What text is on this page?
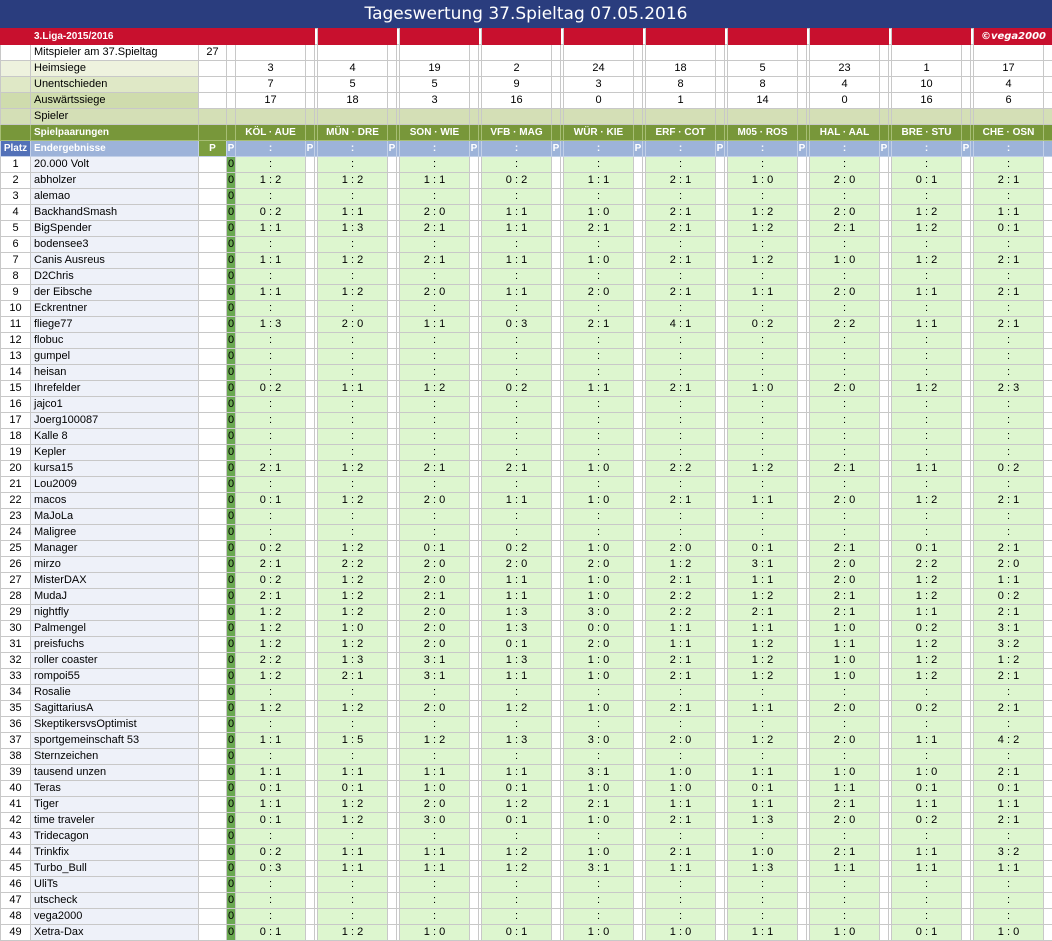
Tageswertung 37.Spieltag 07.05.2016
	3.Liga-2015/2016																														©vega2000	
	Mitspieler am 37.Spieltag	27																														
	Heimsiege			3			4			19			2			24			18			5			23			1			17	
	Unentschieden			7			5			5			9			3			8			8			4			10			4	
	Auswärtssiege			17			18			3			16			0			1			14			0			16			6	
	Spieler																															
	Spielpaarungen			KÖL · AUE			MÜN · DRE			SON · WIE			VFB · MAG			WÜR · KIE			ERF · COT			M05 · ROS			HAL · AAL			BRE · STU			CHE · OSN	
Platz	Endergebnisse	P	P	:	P		:	P		:	P		:	P		:	P		:	P		:	P		:	P		:	P		:	
1	20.000 Volt		0	:			:			:			:			:			:			:			:			:			:	
2	abholzer		0	1 : 2			1 : 2			1 : 1			0 : 2			1 : 1			2 : 1			1 : 0			2 : 0			0 : 1			2 : 1	
3	alemao		0	:			:			:			:			:			:			:			:			:			:	
4	BackhandSmash		0	0 : 2			1 : 1			2 : 0			1 : 1			1 : 0			2 : 1			1 : 2			2 : 0			1 : 2			1 : 1	
5	BigSpender		0	1 : 1			1 : 3			2 : 1			1 : 1			2 : 1			2 : 1			1 : 2			2 : 1			1 : 2			0 : 1	
6	bodensee3		0	:			:			:			:			:			:			:			:			:			:	
7	Canis Ausreus		0	1 : 1			1 : 2			2 : 1			1 : 1			1 : 0			2 : 1			1 : 2			1 : 0			1 : 2			2 : 1	
8	D2Chris		0	:			:			:			:			:			:			:			:			:			:	
9	der Eibsche		0	1 : 1			1 : 2			2 : 0			1 : 1			2 : 0			2 : 1			1 : 1			2 : 0			1 : 1			2 : 1	
10	Eckrentner		0	:			:			:			:			:			:			:			:			:			:	
11	fliege77		0	1 : 3			2 : 0			1 : 1			0 : 3			2 : 1			4 : 1			0 : 2			2 : 2			1 : 1			2 : 1	
12	flobuc		0	:			:			:			:			:			:			:			:			:			:	
13	gumpel		0	:			:			:			:			:			:			:			:			:			:	
14	heisan		0	:			:			:			:			:			:			:			:			:			:	
15	Ihrefelder		0	0 : 2			1 : 1			1 : 2			0 : 2			1 : 1			2 : 1			1 : 0			2 : 0			1 : 2			2 : 3	
16	jajco1		0	:			:			:			:			:			:			:			:			:			:	
17	Joerg100087		0	:			:			:			:			:			:			:			:			:			:	
18	Kalle 8		0	:			:			:			:			:			:			:			:			:			:	
19	Kepler		0	:			:			:			:			:			:			:			:			:			:	
20	kursa15		0	2 : 1			1 : 2			2 : 1			2 : 1			1 : 0			2 : 2			1 : 2			2 : 1			1 : 1			0 : 2	
21	Lou2009		0	:			:			:			:			:			:			:			:			:			:	
22	macos		0	0 : 1			1 : 2			2 : 0			1 : 1			1 : 0			2 : 1			1 : 1			2 : 0			1 : 2			2 : 1	
23	MaJoLa		0	:			:			:			:			:			:			:			:			:			:	
24	Maligree		0	:			:			:			:			:			:			:			:			:			:	
25	Manager		0	0 : 2			1 : 2			0 : 1			0 : 2			1 : 0			2 : 0			0 : 1			2 : 1			0 : 1			2 : 1	
26	mirzo		0	2 : 1			2 : 2			2 : 0			2 : 0			2 : 0			1 : 2			3 : 1			2 : 0			2 : 2			2 : 0	
27	MisterDAX		0	0 : 2			1 : 2			2 : 0			1 : 1			1 : 0			2 : 1			1 : 1			2 : 0			1 : 2			1 : 1	
28	MudaJ		0	2 : 1			1 : 2			2 : 1			1 : 1			1 : 0			2 : 2			1 : 2			2 : 1			1 : 2			0 : 2	
29	nightfly		0	1 : 2			1 : 2			2 : 0			1 : 3			3 : 0			2 : 2			2 : 1			2 : 1			1 : 1			2 : 1	
30	Palmengel		0	1 : 2			1 : 0			2 : 0			1 : 3			0 : 0			1 : 1			1 : 1			1 : 0			0 : 2			3 : 1	
31	preisfuchs		0	1 : 2			1 : 2			2 : 0			0 : 1			2 : 0			1 : 1			1 : 2			1 : 1			1 : 2			3 : 2	
32	roller coaster		0	2 : 2			1 : 3			3 : 1			1 : 3			1 : 0			2 : 1			1 : 2			1 : 0			1 : 2			1 : 2	
33	rompoi55		0	1 : 2			2 : 1			3 : 1			1 : 1			1 : 0			2 : 1			1 : 2			1 : 0			1 : 2			2 : 1	
34	Rosalie		0	:			:			:			:			:			:			:			:			:			:	
35	SagittariusA		0	1 : 2			1 : 2			2 : 0			1 : 2			1 : 0			2 : 1			1 : 1			2 : 0			0 : 2			2 : 1	
36	SkeptikersvsOptimist		0	:			:			:			:			:			:			:			:			:			:	
37	sportgemeinschaft 53		0	1 : 1			1 : 5			1 : 2			1 : 3			3 : 0			2 : 0			1 : 2			2 : 0			1 : 1			4 : 2	
38	Sternzeichen		0	:			:			:			:			:			:			:			:			:			:	
39	tausend unzen		0	1 : 1			1 : 1			1 : 1			1 : 1			3 : 1			1 : 0			1 : 1			1 : 0			1 : 0			2 : 1	
40	Teras		0	0 : 1			0 : 1			1 : 0			0 : 1			1 : 0			1 : 0			0 : 1			1 : 1			0 : 1			0 : 1	
41	Tiger		0	1 : 1			1 : 2			2 : 0			1 : 2			2 : 1			1 : 1			1 : 1			2 : 1			1 : 1			1 : 1	
42	time traveler		0	0 : 1			1 : 2			3 : 0			0 : 1			1 : 0			2 : 1			1 : 3			2 : 0			0 : 2			2 : 1	
43	Tridecagon		0	:			:			:			:			:			:			:			:			:			:	
44	Trinkfix		0	0 : 2			1 : 1			1 : 1			1 : 2			1 : 0			2 : 1			1 : 0			2 : 1			1 : 1			3 : 2	
45	Turbo_Bull		0	0 : 3			1 : 1			1 : 1			1 : 2			3 : 1			1 : 1			1 : 3			1 : 1			1 : 1			1 : 1	
46	UliTs		0	:			:			:			:			:			:			:			:			:			:	
47	utscheck		0	:			:			:			:			:			:			:			:			:			:	
48	vega2000		0	:			:			:			:			:			:			:			:			:			:	
49	Xetra-Dax		0	0 : 1			1 : 2			1 : 0			0 : 1			1 : 0			1 : 0			1 : 1			1 : 0			0 : 1			1 : 0	
